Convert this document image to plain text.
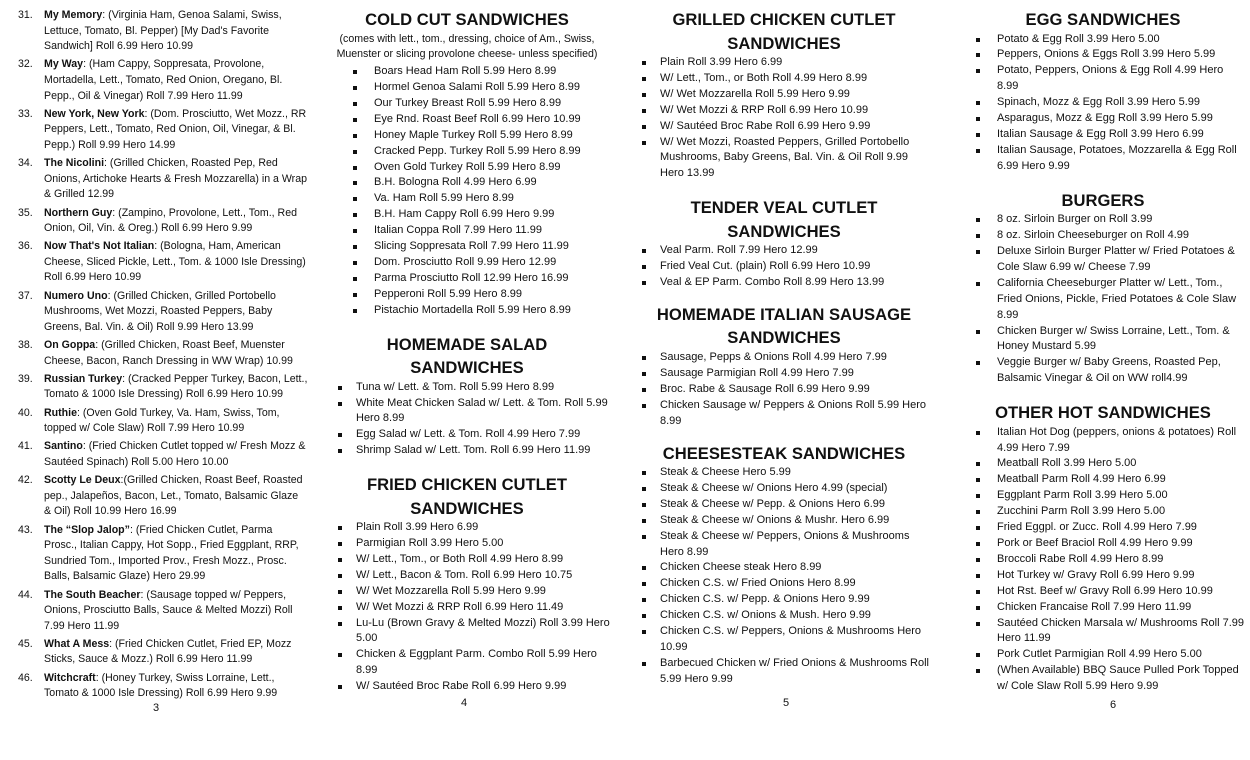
31. My Memory: (Virginia Ham, Genoa Salami, Swiss, Lettuce, Tomato, Bl. Pepper) [My Dad's Favorite Sandwich] Roll 6.99 Hero 10.99
32. My Way: (Ham Cappy, Soppresata, Provolone, Mortadella, Lett., Tomato, Red Onion, Oregano, Bl. Pepp., Oil & Vinegar) Roll 7.99 Hero 11.99
33. New York, New York: (Dom. Prosciutto, Wet Mozz., RR Peppers, Lett., Tomato, Red Onion, Oil, Vinegar, & Bl. Pepp.) Roll 9.99 Hero 14.99
34. The Nicolini: (Grilled Chicken, Roasted Pep, Red Onions, Artichoke Hearts & Fresh Mozzarella) in a Wrap & Grilled 12.99
35. Northern Guy: (Zampino, Provolone, Lett., Tom., Red Onion, Oil, Vin. & Oreg.) Roll 6.99 Hero 9.99
36. Now That's Not Italian: (Bologna, Ham, American Cheese, Sliced Pickle, Lett., Tom. & 1000 Isle Dressing) Roll 6.99 Hero 10.99
37. Numero Uno: (Grilled Chicken, Grilled Portobello Mushrooms, Wet Mozzi, Roasted Peppers, Baby Greens, Bal. Vin. & Oil) Roll 9.99 Hero 13.99
38. On Goppa: (Grilled Chicken, Roast Beef, Muenster Cheese, Bacon, Ranch Dressing in WW Wrap) 10.99
39. Russian Turkey: (Cracked Pepper Turkey, Bacon, Lett., Tomato & 1000 Isle Dressing) Roll 6.99 Hero 10.99
40. Ruthie: (Oven Gold Turkey, Va. Ham, Swiss, Tom, topped w/ Cole Slaw) Roll 7.99 Hero 10.99
41. Santino: (Fried Chicken Cutlet topped w/ Fresh Mozz & Sautéed Spinach) Roll 5.00 Hero 10.00
42. Scotty Le Deux:(Grilled Chicken, Roast Beef, Roasted pep., Jalapeños, Bacon, Let., Tomato, Balsamic Glaze & Oil) Roll 10.99 Hero 16.99
43. The “Slop Jalop”: (Fried Chicken Cutlet, Parma Prosc., Italian Cappy, Hot Sopp., Fried Eggplant, RRP, Sundried Tom., Imported Prov., Fresh Mozz., Prosc. Balls, Balsamic Glaze) Hero 29.99
44. The South Beacher: (Sausage topped w/ Peppers, Onions, Prosciutto Balls, Sauce & Melted Mozzi) Roll 7.99 Hero 11.99
45. What A Mess: (Fried Chicken Cutlet, Fried EP, Mozz Sticks, Sauce & Mozz.) Roll 6.99 Hero 11.99
46. Witchcraft: (Honey Turkey, Swiss Lorraine, Lett., Tomato & 1000 Isle Dressing) Roll 6.99 Hero 9.99
3
COLD CUT SANDWICHES

(comes with lett., tom., dressing, choice of Am., Swiss, Muenster or slicing provolone cheese- unless specified)

Boars Head Ham Roll 5.99 Hero 8.99
Hormel Genoa Salami Roll 5.99 Hero 8.99
Our Turkey Breast Roll 5.99 Hero 8.99
Eye Rnd. Roast Beef Roll 6.99 Hero 10.99
Honey Maple Turkey Roll 5.99 Hero 8.99
Cracked Pepp. Turkey Roll 5.99 Hero 8.99
Oven Gold Turkey Roll 5.99 Hero 8.99
B.H. Bologna Roll 4.99 Hero 6.99
Va. Ham Roll 5.99 Hero 8.99
B.H. Ham Cappy Roll 6.99 Hero 9.99
Italian Coppa Roll 7.99 Hero 11.99
Slicing Soppresata Roll 7.99 Hero 11.99
Dom. Prosciutto Roll 9.99 Hero 12.99
Parma Prosciutto Roll 12.99 Hero 16.99
Pepperoni Roll 5.99 Hero 8.99
Pistachio Mortadella Roll 5.99 Hero 8.99
HOMEMADE SALAD SANDWICHES
Tuna w/ Lett. & Tom. Roll 5.99 Hero 8.99
White Meat Chicken Salad w/ Lett. & Tom. Roll 5.99 Hero 8.99
Egg Salad w/ Lett. & Tom. Roll 4.99 Hero 7.99
Shrimp Salad w/ Lett. Tom. Roll 6.99 Hero 11.99
FRIED CHICKEN CUTLET SANDWICHES
Plain Roll 3.99 Hero 6.99
Parmigian Roll 3.99 Hero 5.00
W/ Lett., Tom., or Both Roll 4.99 Hero 8.99
W/ Lett., Bacon & Tom. Roll 6.99 Hero 10.75
W/ Wet Mozzarella Roll 5.99 Hero 9.99
W/ Wet Mozzi & RRP Roll 6.99 Hero 11.49
Lu-Lu (Brown Gravy & Melted Mozzi) Roll 3.99 Hero 5.00
Chicken & Eggplant Parm. Combo Roll 5.99 Hero 8.99
W/ Sautéed Broc Rabe Roll 6.99 Hero 9.99
4
GRILLED CHICKEN CUTLET SANDWICHES
Plain Roll 3.99 Hero 6.99
W/ Lett., Tom., or Both Roll 4.99 Hero 8.99
W/ Wet Mozzarella Roll 5.99 Hero 9.99
W/ Wet Mozzi & RRP Roll 6.99 Hero 10.99
W/ Sautéed Broc Rabe Roll 6.99 Hero 9.99
W/ Wet Mozzi, Roasted Peppers, Grilled Portobello Mushrooms, Baby Greens, Bal. Vin. & Oil Roll 9.99 Hero 13.99
TENDER VEAL CUTLET SANDWICHES
Veal Parm. Roll 7.99 Hero 12.99
Fried Veal Cut. (plain) Roll 6.99 Hero 10.99
Veal & EP Parm. Combo Roll 8.99 Hero 13.99
HOMEMADE ITALIAN SAUSAGE SANDWICHES
Sausage, Pepps & Onions Roll 4.99 Hero 7.99
Sausage Parmigian Roll 4.99 Hero 7.99
Broc. Rabe & Sausage Roll 6.99 Hero 9.99
Chicken Sausage w/ Peppers & Onions Roll 5.99 Hero 8.99
CHEESESTEAK SANDWICHES
Steak & Cheese Hero 5.99
Steak & Cheese w/ Onions Hero 4.99 (special)
Steak & Cheese w/ Pepp. & Onions Hero 6.99
Steak & Cheese w/ Onions & Mushr. Hero 6.99
Steak & Cheese w/ Peppers, Onions & Mushrooms Hero 8.99
Chicken Cheese steak Hero 8.99
Chicken C.S. w/ Fried Onions Hero 8.99
Chicken C.S. w/ Pepp. & Onions Hero 9.99
Chicken C.S. w/ Onions & Mush. Hero 9.99
Chicken C.S. w/ Peppers, Onions & Mushrooms Hero 10.99
Barbecued Chicken w/ Fried Onions & Mushrooms Roll 5.99 Hero 9.99
5
EGG SANDWICHES
Potato & Egg Roll 3.99 Hero 5.00
Peppers, Onions & Eggs Roll 3.99 Hero 5.99
Potato, Peppers, Onions & Egg Roll 4.99 Hero 8.99
Spinach, Mozz & Egg Roll 3.99 Hero 5.99
Asparagus, Mozz & Egg Roll 3.99 Hero 5.99
Italian Sausage & Egg Roll 3.99 Hero 6.99
Italian Sausage, Potatoes, Mozzarella & Egg Roll 6.99 Hero 9.99
BURGERS
8 oz. Sirloin Burger on Roll 3.99
8 oz. Sirloin Cheeseburger on Roll 4.99
Deluxe Sirloin Burger Platter w/ Fried Potatoes & Cole Slaw 6.99 w/ Cheese 7.99
California Cheeseburger Platter w/ Lett., Tom., Fried Onions, Pickle, Fried Potatoes & Cole Slaw 8.99
Chicken Burger w/ Swiss Lorraine, Lett., Tom. & Honey Mustard 5.99
Veggie Burger w/ Baby Greens, Roasted Pep, Balsamic Vinegar & Oil on WW roll4.99
OTHER HOT SANDWICHES
Italian Hot Dog (peppers, onions & potatoes) Roll 4.99 Hero 7.99
Meatball Roll 3.99 Hero 5.00
Meatball Parm Roll 4.99 Hero 6.99
Eggplant Parm Roll 3.99 Hero 5.00
Zucchini Parm Roll 3.99 Hero 5.00
Fried Eggpl. or Zucc. Roll 4.99 Hero 7.99
Pork or Beef Braciol Roll 4.99 Hero 9.99
Broccoli Rabe Roll 4.99 Hero 8.99
Hot Turkey w/ Gravy Roll 6.99 Hero 9.99
Hot Rst. Beef w/ Gravy Roll 6.99 Hero 10.99
Chicken Francaise Roll 7.99 Hero 11.99
Sautéed Chicken Marsala w/ Mushrooms Roll 7.99 Hero 11.99
Pork Cutlet Parmigian Roll 4.99 Hero 5.00
(When Available) BBQ Sauce Pulled Pork Topped w/ Cole Slaw Roll 5.99 Hero 9.99
6
